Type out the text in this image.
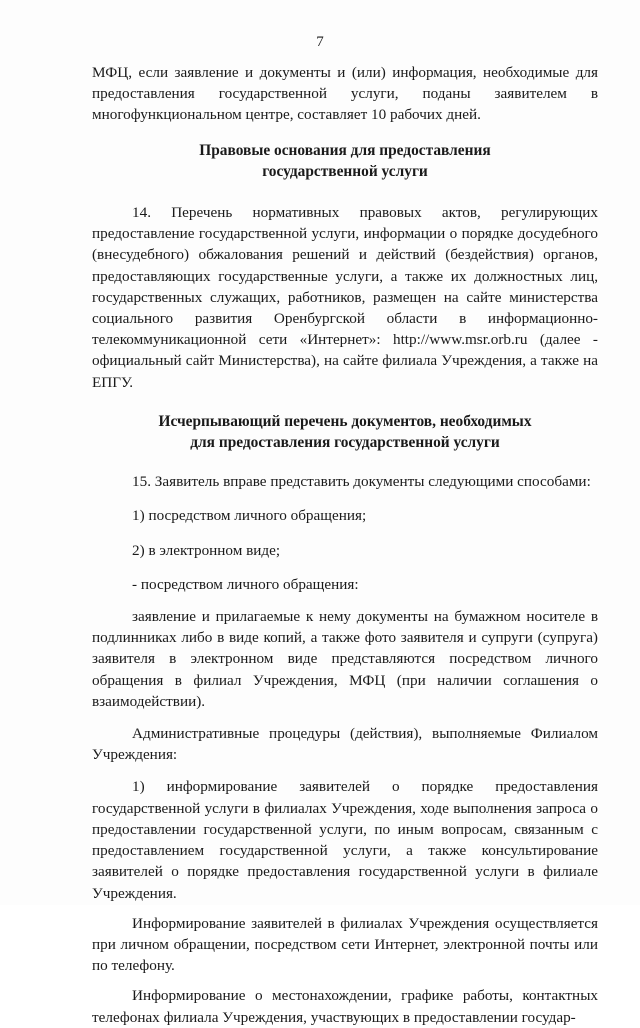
7

МФЦ, если заявление и документы и (или) информация, необходимые для предоставления государственной услуги, поданы заявителем в многофункциональном центре, составляет 10 рабочих дней.

Правовые основания для предоставления

государственной услуги

14. Перечень нормативных правовых актов, регулирующих предоставление государственной услуги, информации о порядке досудебного (внесудебного) обжалования решений и действий (бездействия) органов, предоставляющих государственные услуги, а также их должностных лиц, государственных служащих, работников, размещен на сайте министерства социального развития Оренбургской области в информационно-телекоммуникационной сети «Интернет»: http://www.msr.orb.ru (далее - официальный сайт Министерства), на сайте филиала Учреждения, а также на ЕПГУ.

Исчерпывающий перечень документов, необходимых

для предоставления государственной услуги

15. Заявитель вправе представить документы следующими способами:

1) посредством личного обращения;

2) в электронном виде;

- посредством личного обращения:

заявление и прилагаемые к нему документы на бумажном носителе в подлинниках либо в виде копий, а также фото заявителя и супруги (супруга) заявителя в электронном виде представляются посредством личного обращения в филиал Учреждения, МФЦ (при наличии соглашения о взаимодействии).

Административные процедуры (действия), выполняемые Филиалом Учреждения:

1) информирование заявителей о порядке предоставления государственной услуги в филиалах Учреждения, ходе выполнения запроса о предоставлении государственной услуги, по иным вопросам, связанным с предоставлением государственной услуги, а также консультирование заявителей о порядке предоставления государственной услуги в филиале Учреждения.

Информирование заявителей в филиалах Учреждения осуществляется при личном обращении, посредством сети Интернет, электронной почты или по телефону.

Информирование о местонахождении, графике работы, контактных телефонах филиала Учреждения, участвующих в предоставлении государ-
